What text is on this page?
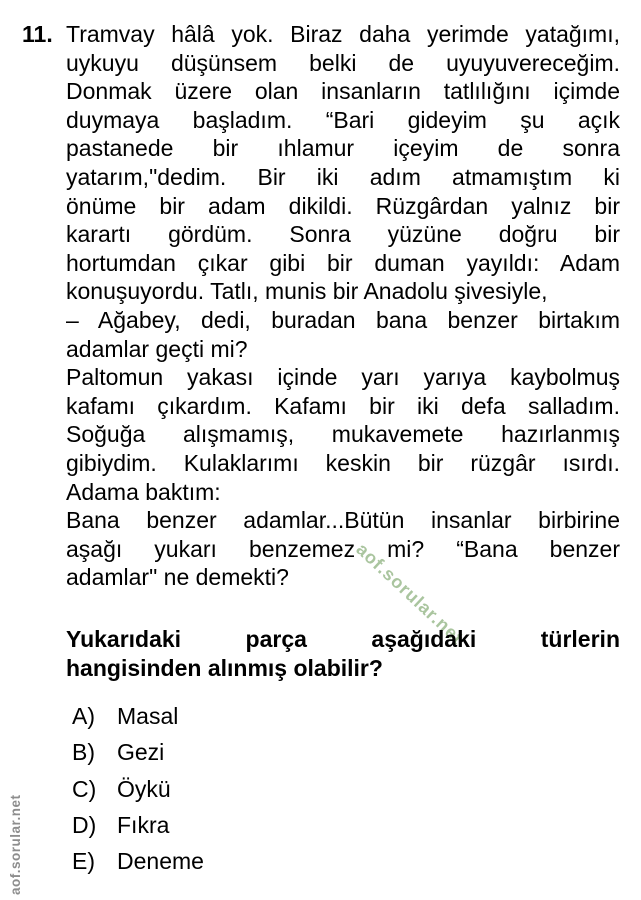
aof.sorular.net
aof.sorular.net
11. Tramvay hâlâ yok. Biraz daha yerimde yatağımı,
uykuyu düşünsem belki de uyuyuvereceğim.
Donmak üzere olan insanların tatlılığını içimde
duymaya başladım. “Bari gideyim şu açık
pastanede bir ıhlamur içeyim de sonra
yatarım,"dedim. Bir iki adım atmamıştım ki
önüme bir adam dikildi. Rüzgârdan yalnız bir
karartı gördüm. Sonra yüzüne doğru bir
hortumdan çıkar gibi bir duman yayıldı: Adam
konuşuyordu. Tatlı, munis bir Anadolu şivesiyle,
– Ağabey, dedi, buradan bana benzer birtakım
adamlar geçti mi?
Paltomun yakası içinde yarı yarıya kaybolmuş
kafamı çıkardım. Kafamı bir iki defa salladım.
Soğuğa alışmamış, mukavemete hazırlanmış
gibiydim. Kulaklarımı keskin bir rüzgâr ısırdı.
Adama baktım:
Bana benzer adamlar...Bütün insanlar birbirine
aşağı yukarı benzemez mi? “Bana benzer
adamlar" ne demekti?
Yukarıdaki parça aşağıdaki türlerin
hangisinden alınmış olabilir?
A) Masal
B) Gezi
C) Öykü
D) Fıkra
E) Deneme
